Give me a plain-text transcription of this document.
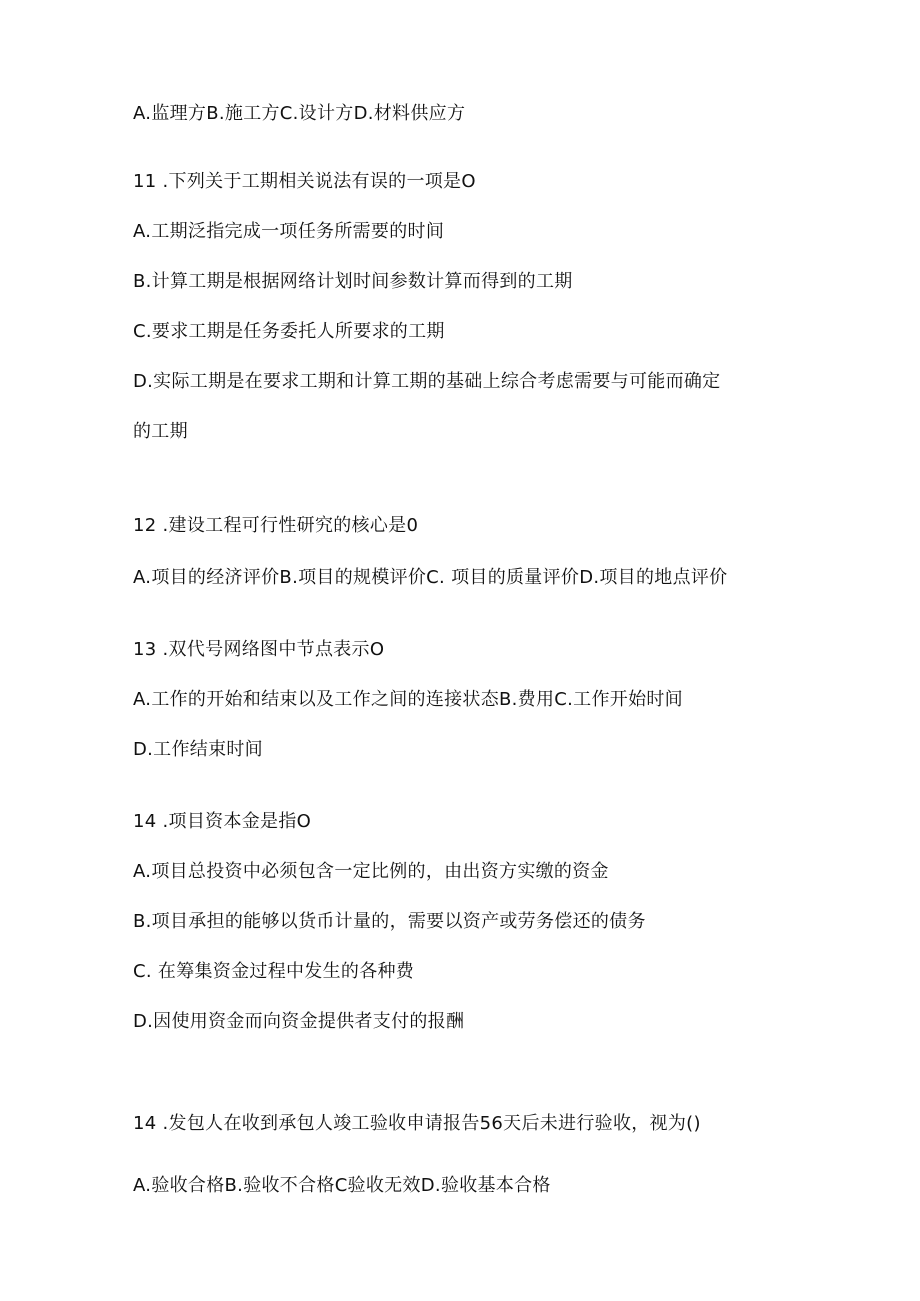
A.监理方B.施工方C.设计方D.材料供应方
11 .下列关于工期相关说法有误的一项是O
A.工期泛指完成一项任务所需要的时间
B.计算工期是根据网络计划时间参数计算而得到的工期
C.要求工期是任务委托人所要求的工期
D.实际工期是在要求工期和计算工期的基础上综合考虑需要与可能而确定
的工期
12 .建设工程可行性研究的核心是0
A.项目的经济评价B.项目的规模评价C. 项目的质量评价D.项目的地点评价
13 .双代号网络图中节点表示O
A.工作的开始和结束以及工作之间的连接状态B.费用C.工作开始时间
D.工作结束时间
14 .项目资本金是指O
A.项目总投资中必须包含一定比例的，由出资方实缴的资金
B.项目承担的能够以货币计量的，需要以资产或劳务偿还的债务
C. 在筹集资金过程中发生的各种费
D.因使用资金而向资金提供者支付的报酬
14 .发包人在收到承包人竣工验收申请报告56天后未进行验收，视为()
A.验收合格B.验收不合格C验收无效D.验收基本合格
